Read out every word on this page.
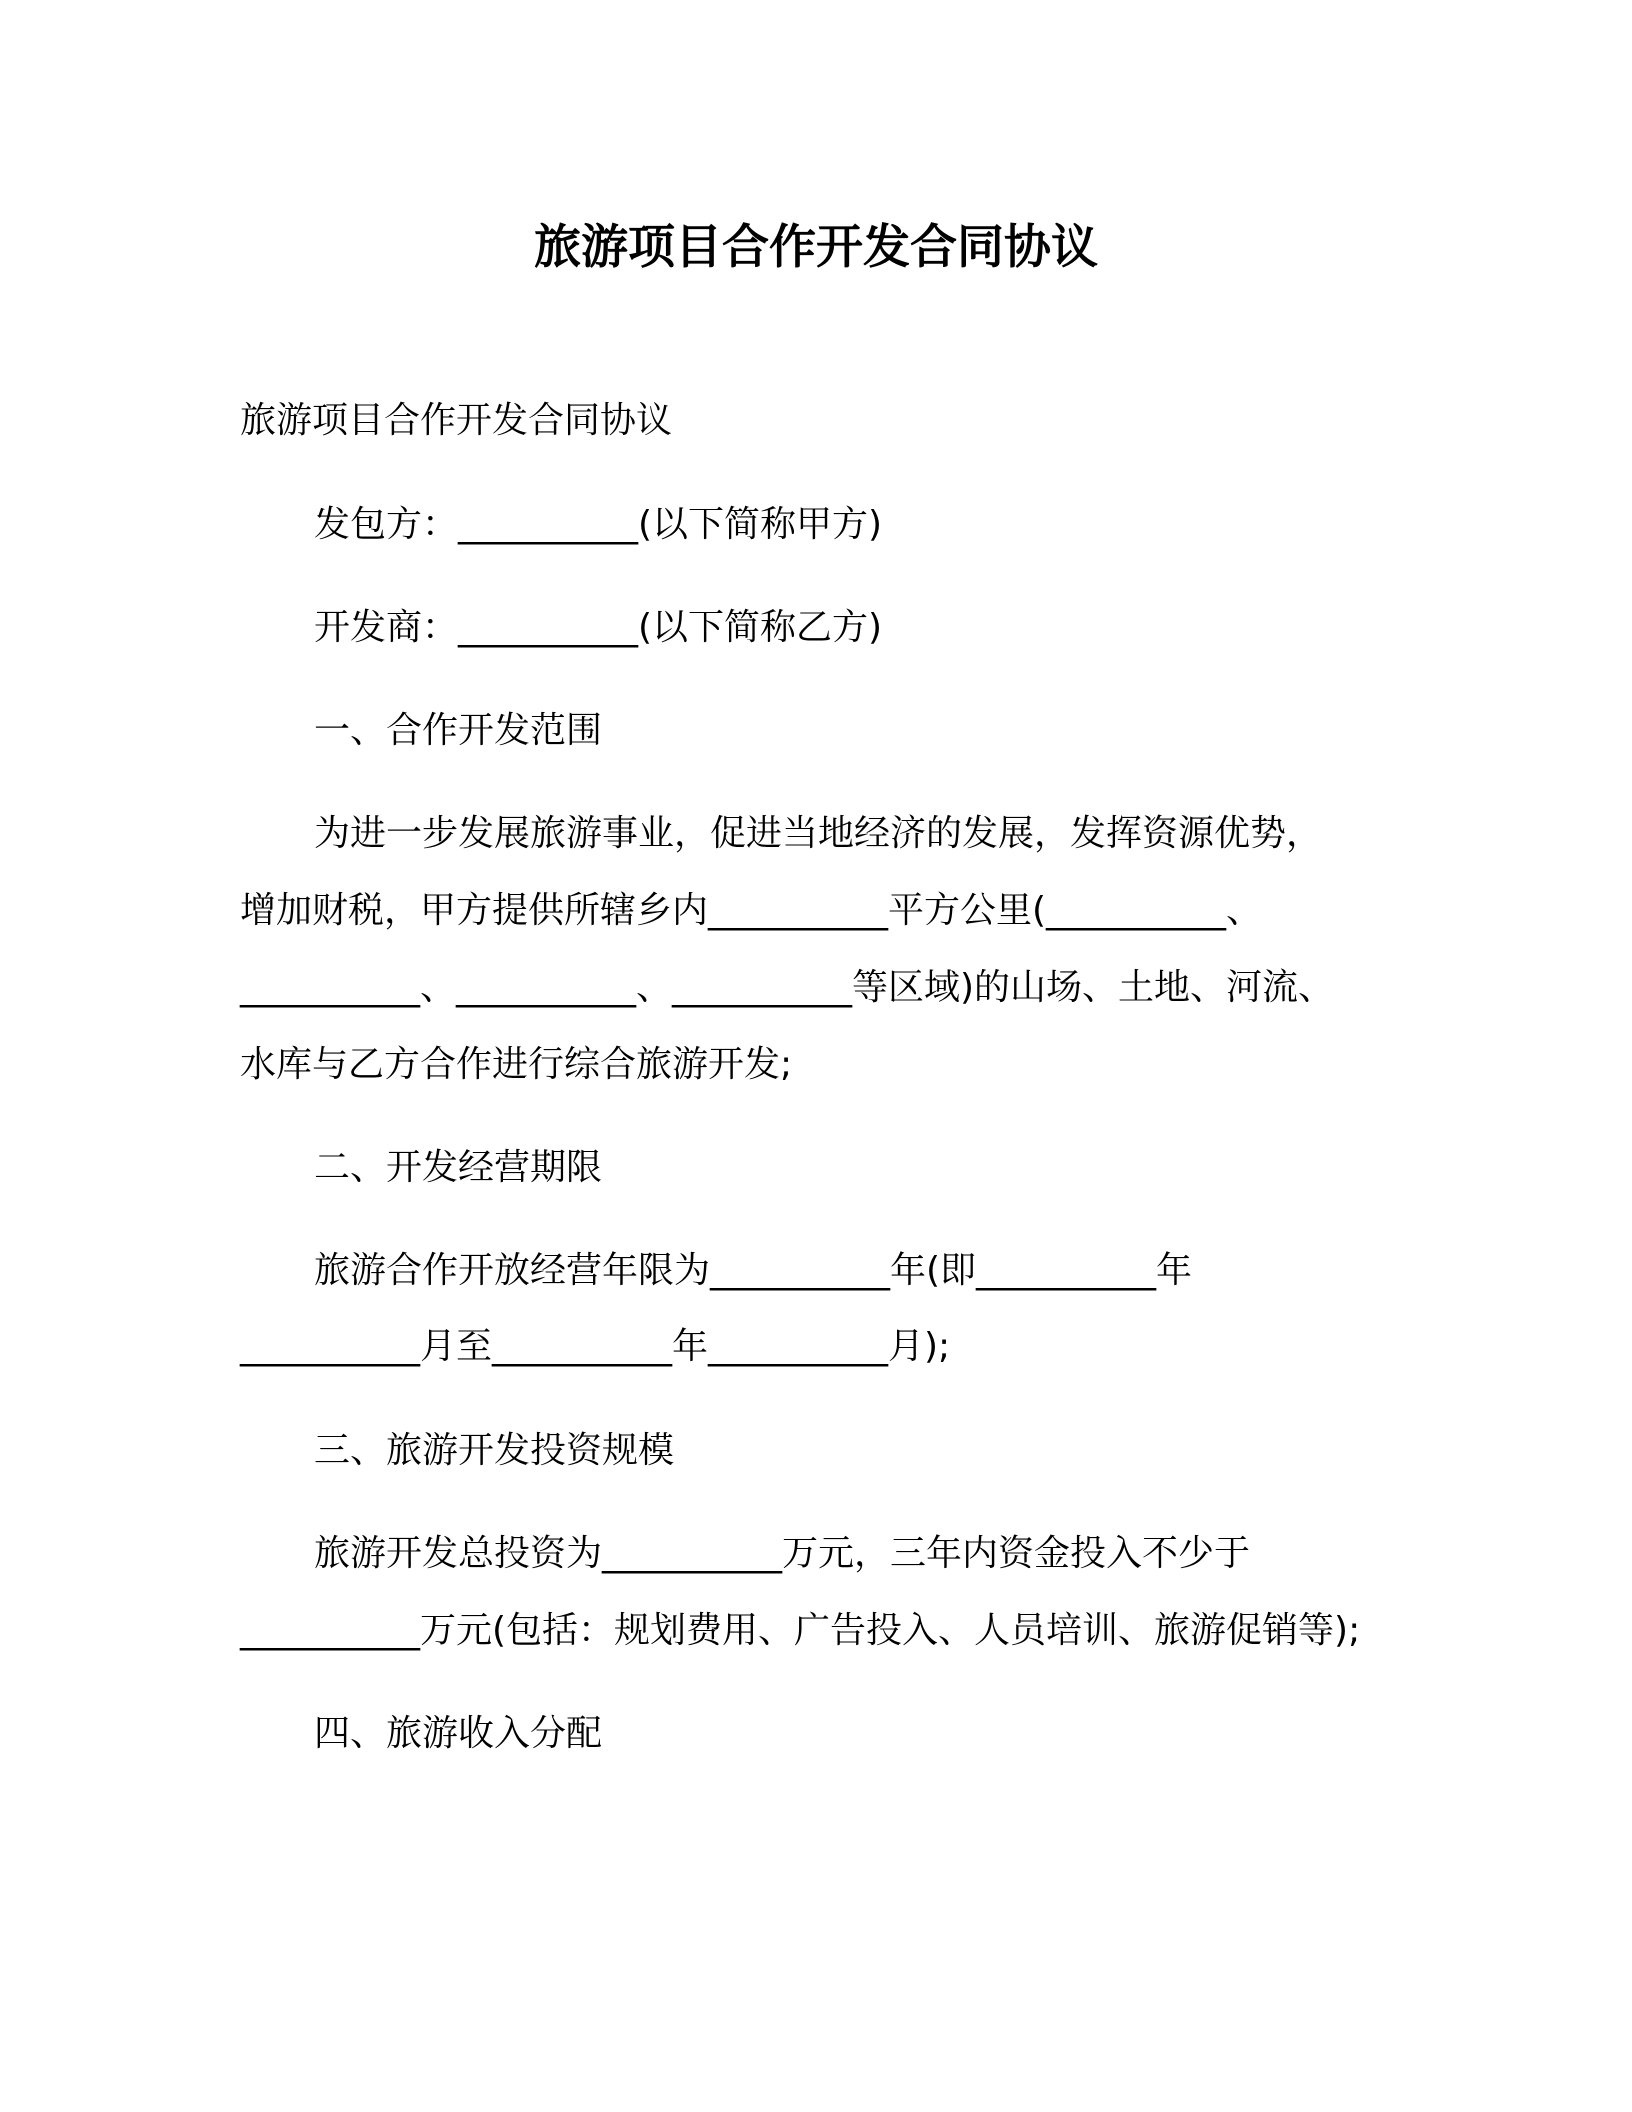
旅游项目合作开发合同协议
旅游项目合作开发合同协议
发包方：__________(以下简称甲方)
开发商：__________(以下简称乙方)
一、合作开发范围
为进一步发展旅游事业，促进当地经济的发展，发挥资源优势，
增加财税，甲方提供所辖乡内__________平方公里(__________、
__________、__________、__________等区域)的山场、土地、河流、
水库与乙方合作进行综合旅游开发;
二、开发经营期限
旅游合作开放经营年限为__________年(即__________年
__________月至__________年__________月);
三、旅游开发投资规模
旅游开发总投资为__________万元，三年内资金投入不少于
__________万元(包括：规划费用、广告投入、人员培训、旅游促销等);
四、旅游收入分配
